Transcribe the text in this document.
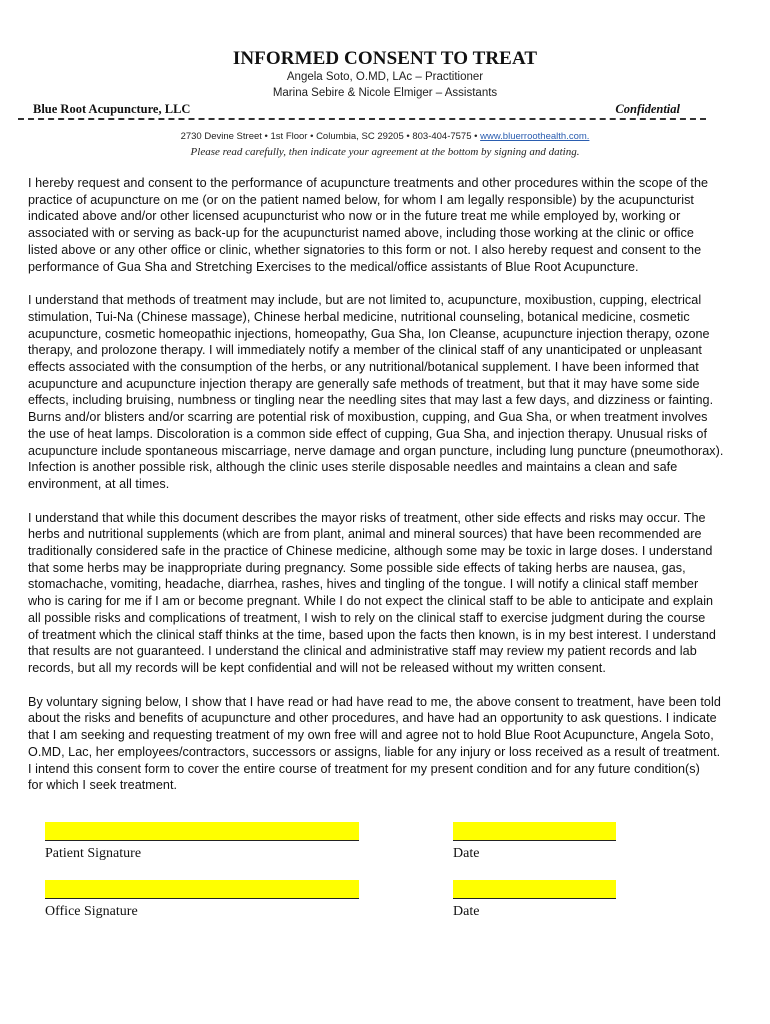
INFORMED CONSENT TO TREAT
Angela Soto, O.MD, LAc – Practitioner
Marina Sebire & Nicole Elmiger – Assistants
Blue Root Acupuncture, LLC	Confidential
2730 Devine Street • 1st Floor • Columbia, SC 29205 • 803-404-7575 • www.bluerroothealth.com.
Please read carefully, then indicate your agreement at the bottom by signing and dating.

I hereby request and consent to the performance of acupuncture treatments and other procedures within the scope of the
practice of acupuncture on me (or on the patient named below, for whom I am legally responsible) by the acupuncturist
indicated above and/or other licensed acupuncturist who now or in the future treat me while employed by, working or
associated with or serving as back-up for the acupuncturist named above, including those working at the clinic or office
listed above or any other office or clinic, whether signatories to this form or not. I also hereby request and consent to the
performance of Gua Sha and Stretching Exercises to the medical/office assistants of Blue Root Acupuncture.

I understand that methods of treatment may include, but are not limited to, acupuncture, moxibustion, cupping, electrical
stimulation, Tui-Na (Chinese massage), Chinese herbal medicine, nutritional counseling, botanical medicine, cosmetic
acupuncture, cosmetic homeopathic injections, homeopathy, Gua Sha, Ion Cleanse, acupuncture injection therapy, ozone
therapy, and prolozone therapy. I will immediately notify a member of the clinical staff of any unanticipated or unpleasant
effects associated with the consumption of the herbs, or any nutritional/botanical supplement. I have been informed that
acupuncture and acupuncture injection therapy are generally safe methods of treatment, but that it may have some side
effects, including bruising, numbness or tingling near the needling sites that may last a few days, and dizziness or fainting.
Burns and/or blisters and/or scarring are potential risk of moxibustion, cupping, and Gua Sha, or when treatment involves
the use of heat lamps. Discoloration is a common side effect of cupping, Gua Sha, and injection therapy. Unusual risks of
acupuncture include spontaneous miscarriage, nerve damage and organ puncture, including lung puncture (pneumothorax).
Infection is another possible risk, although the clinic uses sterile disposable needles and maintains a clean and safe
environment, at all times.

I understand that while this document describes the mayor risks of treatment, other side effects and risks may occur. The
herbs and nutritional supplements (which are from plant, animal and mineral sources) that have been recommended are
traditionally considered safe in the practice of Chinese medicine, although some may be toxic in large doses. I understand
that some herbs may be inappropriate during pregnancy. Some possible side effects of taking herbs are nausea, gas,
stomachache, vomiting, headache, diarrhea, rashes, hives and tingling of the tongue. I will notify a clinical staff member
who is caring for me if I am or become pregnant. While I do not expect the clinical staff to be able to anticipate and explain
all possible risks and complications of treatment, I wish to rely on the clinical staff to exercise judgment during the course
of treatment which the clinical staff thinks at the time, based upon the facts then known, is in my best interest. I understand
that results are not guaranteed. I understand the clinical and administrative staff may review my patient records and lab
records, but all my records will be kept confidential and will not be released without my written consent.

By voluntary signing below, I show that I have read or had have read to me, the above consent to treatment, have been told
about the risks and benefits of acupuncture and other procedures, and have had an opportunity to ask questions. I indicate
that I am seeking and requesting treatment of my own free will and agree not to hold Blue Root Acupuncture, Angela Soto,
O.MD, Lac, her employees/contractors, successors or assigns, liable for any injury or loss received as a result of treatment.
I intend this consent form to cover the entire course of treatment for my present condition and for any future condition(s)
for which I seek treatment.

Patient Signature	Date
Office Signature	Date
